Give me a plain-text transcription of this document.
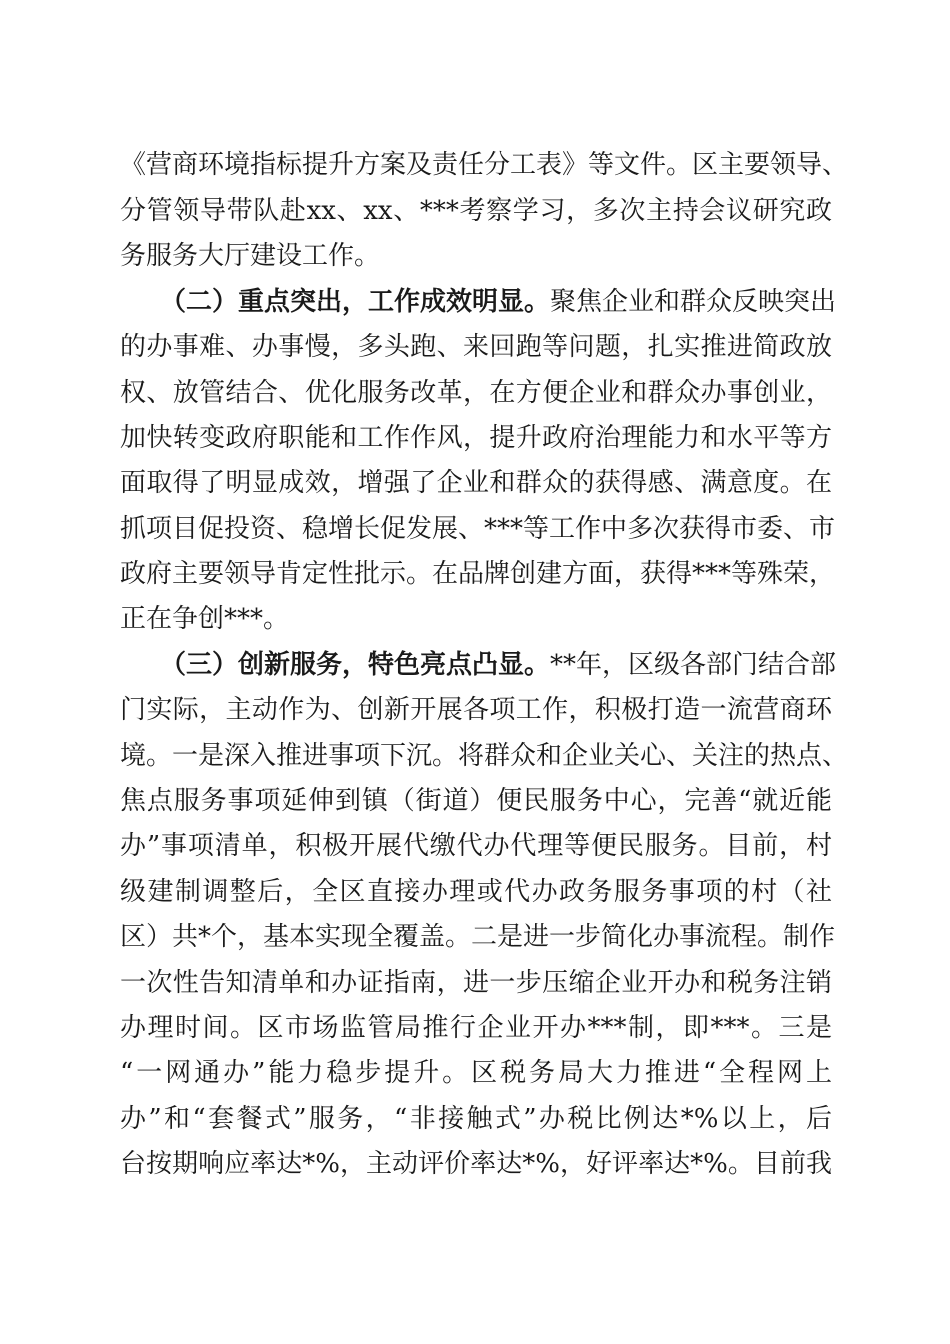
《营商环境指标提升方案及责任分工表》等文件。区主要领导、
分管领导带队赴xx、xx、***考察学习，多次主持会议研究政
务服务大厅建设工作。
（二）重点突出，工作成效明显。聚焦企业和群众反映突出
的办事难、办事慢，多头跑、来回跑等问题，扎实推进简政放
权、放管结合、优化服务改革，在方便企业和群众办事创业，
加快转变政府职能和工作作风，提升政府治理能力和水平等方
面取得了明显成效，增强了企业和群众的获得感、满意度。在
抓项目促投资、稳增长促发展、***等工作中多次获得市委、市
政府主要领导肯定性批示。在品牌创建方面，获得***等殊荣，
正在争创***。
（三）创新服务，特色亮点凸显。**年，区级各部门结合部
门实际，主动作为、创新开展各项工作，积极打造一流营商环
境。一是深入推进事项下沉。将群众和企业关心、关注的热点、
焦点服务事项延伸到镇（街道）便民服务中心，完善“就近能
办”事项清单，积极开展代缴代办代理等便民服务。目前，村
级建制调整后，全区直接办理或代办政务服务事项的村（社
区）共*个，基本实现全覆盖。二是进一步简化办事流程。制作
一次性告知清单和办证指南，进一步压缩企业开办和税务注销
办理时间。区市场监管局推行企业开办***制，即***。三是
“一网通办”能力稳步提升。区税务局大力推进“全程网上
办”和“套餐式”服务，“非接触式”办税比例达*%以上，后
台按期响应率达*%，主动评价率达*%，好评率达*%。目前我
